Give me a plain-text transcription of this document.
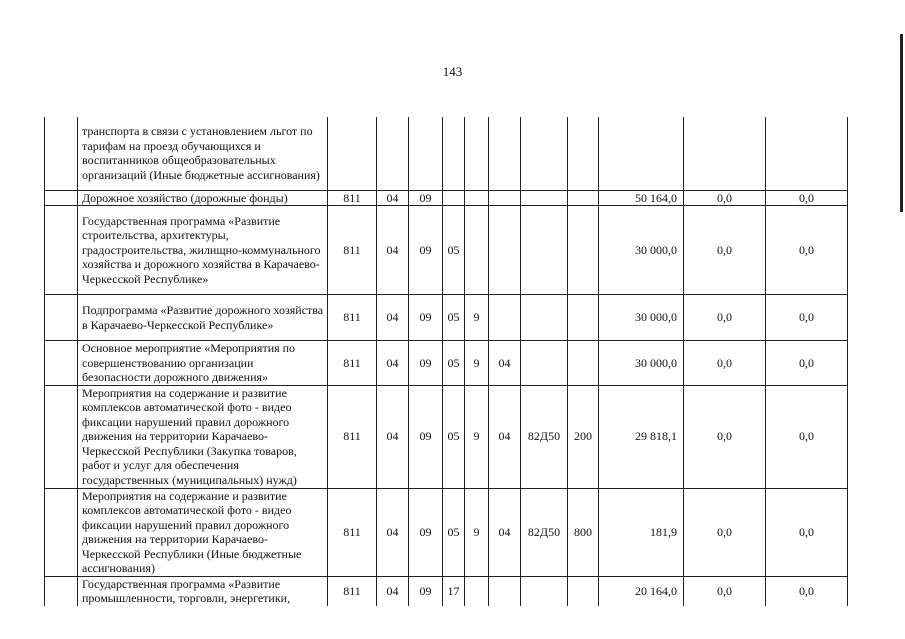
143
	транспорта в связи с установлением льгот по тарифам на проезд обучающихся и воспитанников общеобразовательных организаций (Иные бюджетные ассигнования)											
	Дорожное хозяйство (дорожные фонды)	811	04	09						50 164,0	0,0	0,0
	Государственная программа «Развитие строительства, архитектуры, градостроительства, жилищно-коммунального хозяйства и дорожного хозяйства в Карачаево-Черкесской Республике»	811	04	09	05					30 000,0	0,0	0,0
	Подпрограмма «Развитие дорожного хозяйства в Карачаево-Черкесской Республике»	811	04	09	05	9				30 000,0	0,0	0,0
	Основное мероприятие «Мероприятия по совершенствованию организации безопасности дорожного движения»	811	04	09	05	9	04			30 000,0	0,0	0,0
	Мероприятия на содержание и развитие комплексов автоматической фото - видео фиксации нарушений правил дорожного движения на территории Карачаево-Черкесской Республики (Закупка товаров, работ и услуг для обеспечения государственных (муниципальных) нужд)	811	04	09	05	9	04	82Д50	200	29 818,1	0,0	0,0
	Мероприятия на содержание и развитие комплексов автоматической фото - видео фиксации нарушений правил дорожного движения на территории Карачаево-Черкесской Республики (Иные бюджетные ассигнования)	811	04	09	05	9	04	82Д50	800	181,9	0,0	0,0
	Государственная программа «Развитие промышленности, торговли, энергетики,	811	04	09	17					20 164,0	0,0	0,0
